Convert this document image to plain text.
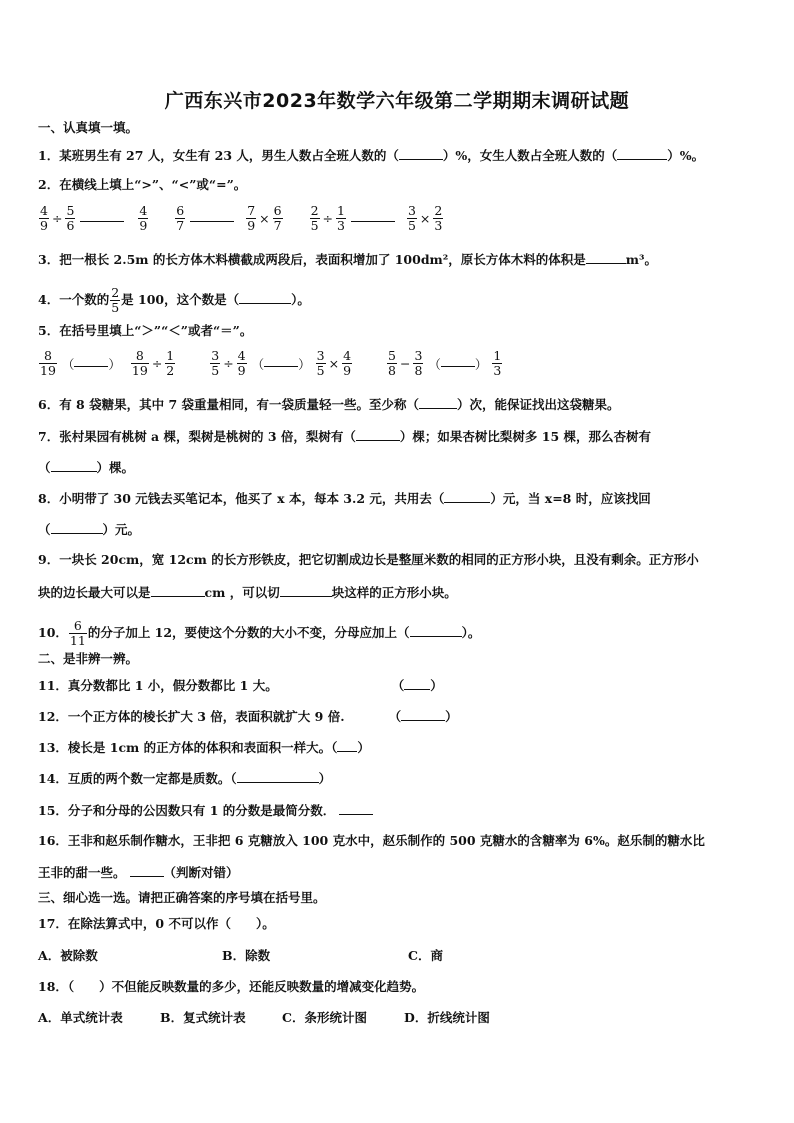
广西东兴市2023年数学六年级第二学期期末调研试题
一、认真填一填。
1．某班男生有 27 人，女生有 23 人，男生人数占全班人数的（	）%，女生人数占全班人数的（	）%。
2．在横线上填上“>”、“<”或“=”。
$\frac{4}{9} \div \frac{5}{6}$
	$\frac{4}{9}$
$\frac{6}{7}$
	$\frac{7}{9} \times \frac{6}{7}$
$\frac{2}{5} \div \frac{1}{3}$
	$\frac{3}{5} \times \frac{2}{3}$
3．把一根长 2.5m 的长方体木料横截成两段后，表面积增加了 100dm²，原长方体木料的体积是	m³。
4．一个数的 $\frac{2}{5}$ 是 100，这个数是（	）。
5．在括号里填上“＞”“＜”或者“＝”。
$\frac{8}{19}$ （	） $\frac{8}{19} \div \frac{1}{2}$
	$\frac{3}{5} \div \frac{4}{9}$ （	） $\frac{3}{5} \times \frac{4}{9}$
	$\frac{5}{8} - \frac{3}{8}$ （	） $\frac{1}{3}$
6．有 8 袋糖果，其中 7 袋重量相同，有一袋质量轻一些。至少称（	）次，能保证找出这袋糖果。
7．张村果园有桃树 a 棵，梨树是桃树的 3 倍，梨树有（	）棵；如果杏树比梨树多 15 棵，那么杏树有
（	）棵。
8．小明带了 30 元钱去买笔记本，他买了 x 本，每本 3.2 元，共用去（	）元，当 x=8 时，应该找回
（	）元。
9．一块长 20cm，宽 12cm 的长方形铁皮，把它切割成边长是整厘米数的相同的正方形小块，且没有剩余。正方形小
块的边长最大可以是	cm ，可以切	块这样的正方形小块。
10． $\frac{6}{11}$ 的分子加上 12，要使这个分数的大小不变，分母应加上（	）。
二、是非辨一辨。
11．真分数都比 1 小，假分数都比 1 大。	（ ）
12．一个正方体的棱长扩大 3 倍，表面积就扩大 9 倍.	（	）
13．棱长是 1cm 的正方体的体积和表面积一样大。（ ）
14．互质的两个数一定都是质数。（	）
15．分子和分母的公因数只有 1 的分数是最简分数．
16．王非和赵乐制作糖水，王非把 6 克糖放入 100 克水中，赵乐制作的 500 克糖水的含糖率为 6%。赵乐制的糖水比
王非的甜一些。	（判断对错）
三、细心选一选。请把正确答案的序号填在括号里。
17．在除法算式中，0 不可以作（　　）。
A．被除数	B．除数	C．商
18．（　　）不但能反映数量的多少，还能反映数量的增减变化趋势。
A．单式统计表	B．复式统计表	C．条形统计图	D．折线统计图
